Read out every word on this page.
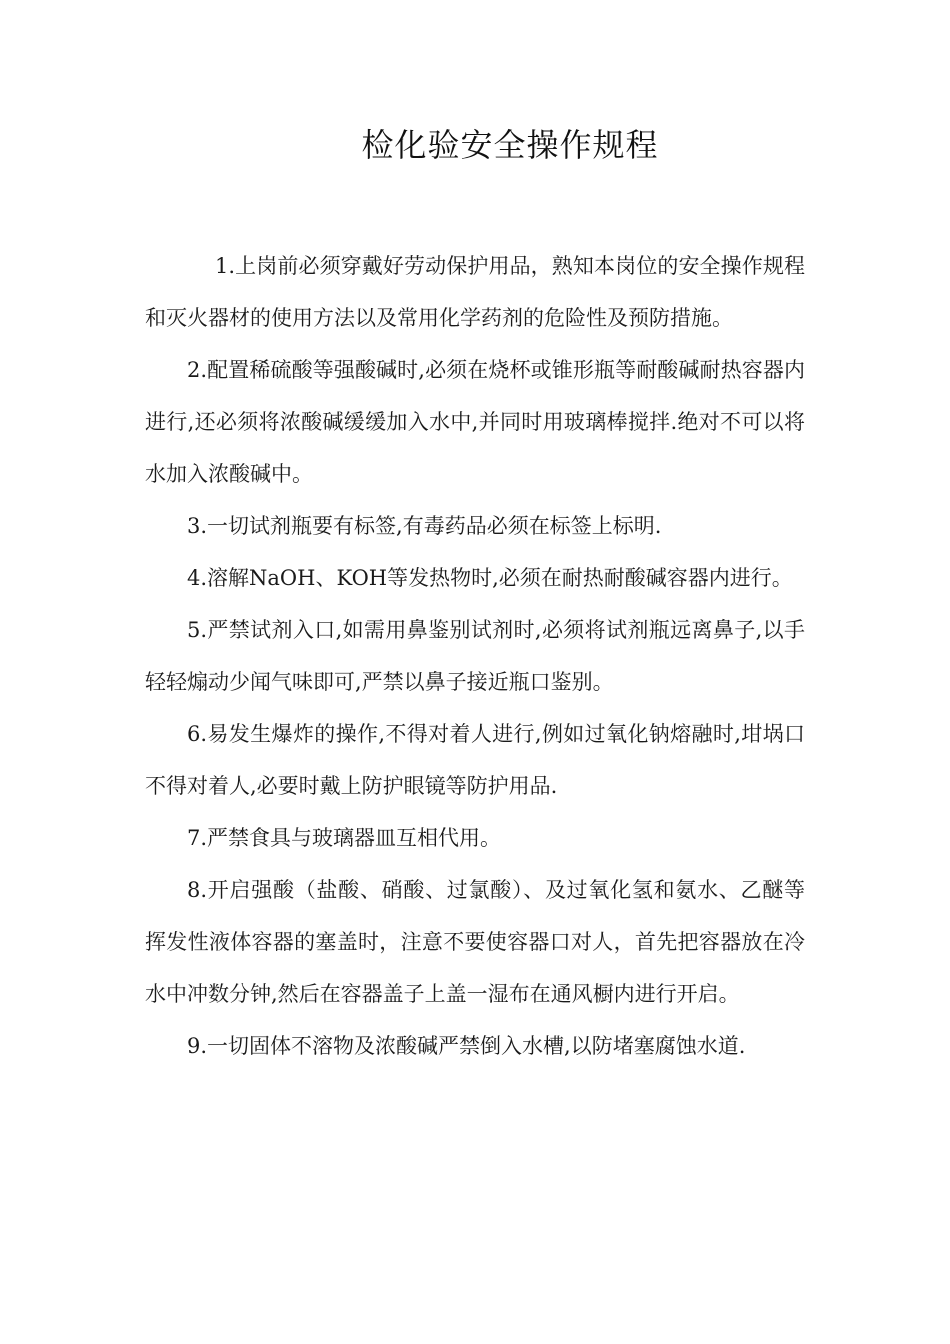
检化验安全操作规程

1.上岗前必须穿戴好劳动保护用品，熟知本岗位的安全操作规程和灭火器材的使用方法以及常用化学药剂的危险性及预防措施。

2.配置稀硫酸等强酸碱时,必须在烧杯或锥形瓶等耐酸碱耐热容器内进行,还必须将浓酸碱缓缓加入水中,并同时用玻璃棒搅拌.绝对不可以将水加入浓酸碱中。

3.一切试剂瓶要有标签,有毒药品必须在标签上标明.

4.溶解NaOH、KOH等发热物时,必须在耐热耐酸碱容器内进行。

5.严禁试剂入口,如需用鼻鉴别试剂时,必须将试剂瓶远离鼻子,以手轻轻煽动少闻气味即可,严禁以鼻子接近瓶口鉴别。

6.易发生爆炸的操作,不得对着人进行,例如过氧化钠熔融时,坩埚口不得对着人,必要时戴上防护眼镜等防护用品.

7.严禁食具与玻璃器皿互相代用。

8.开启强酸（盐酸、硝酸、过氯酸）、及过氧化氢和氨水、乙醚等挥发性液体容器的塞盖时，注意不要使容器口对人，首先把容器放在冷水中冲数分钟,然后在容器盖子上盖一湿布在通风橱内进行开启。

9.一切固体不溶物及浓酸碱严禁倒入水槽,以防堵塞腐蚀水道.
